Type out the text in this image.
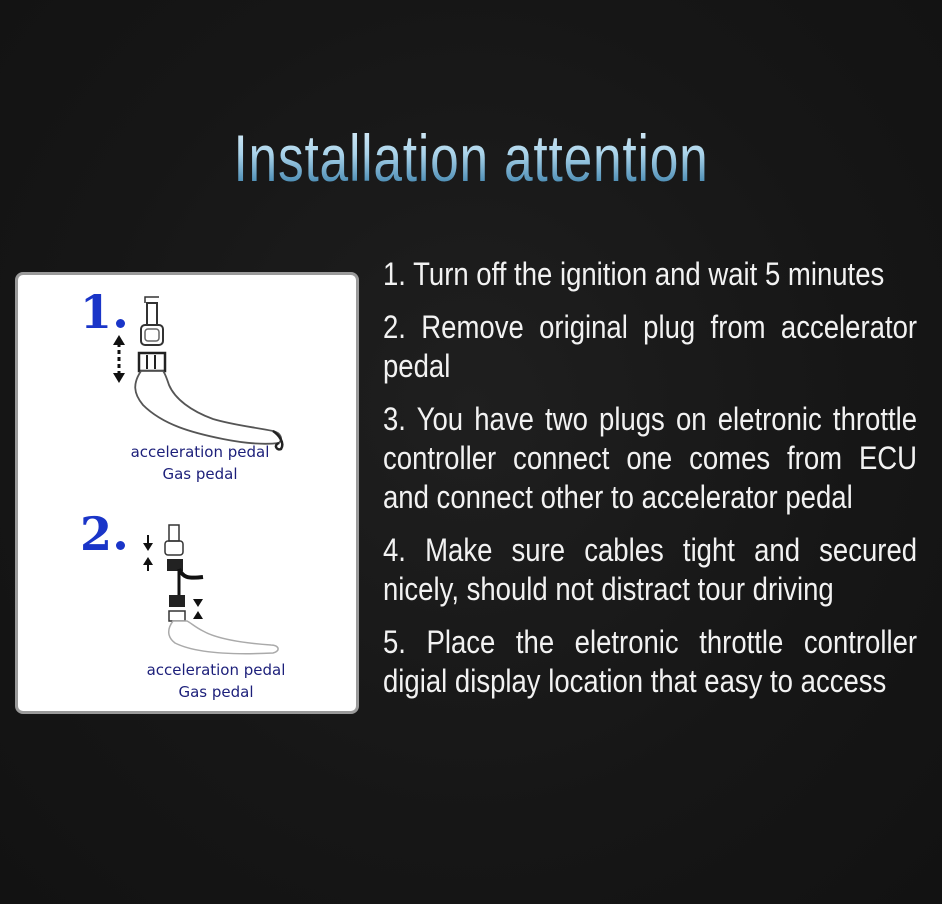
Installation attention
1
acceleration pedal
Gas pedal
2
acceleration pedal
Gas pedal
1. Turn off the ignition and wait 5 minutes
2. Remove original plug from accelerator pedal
3. You have two plugs on eletronic throttle controller connect one comes from ECU and connect other to accelerator pedal
4. Make sure cables tight and secured nicely, should not distract tour driving
5. Place the eletronic throttle controller digial display location that easy to access
